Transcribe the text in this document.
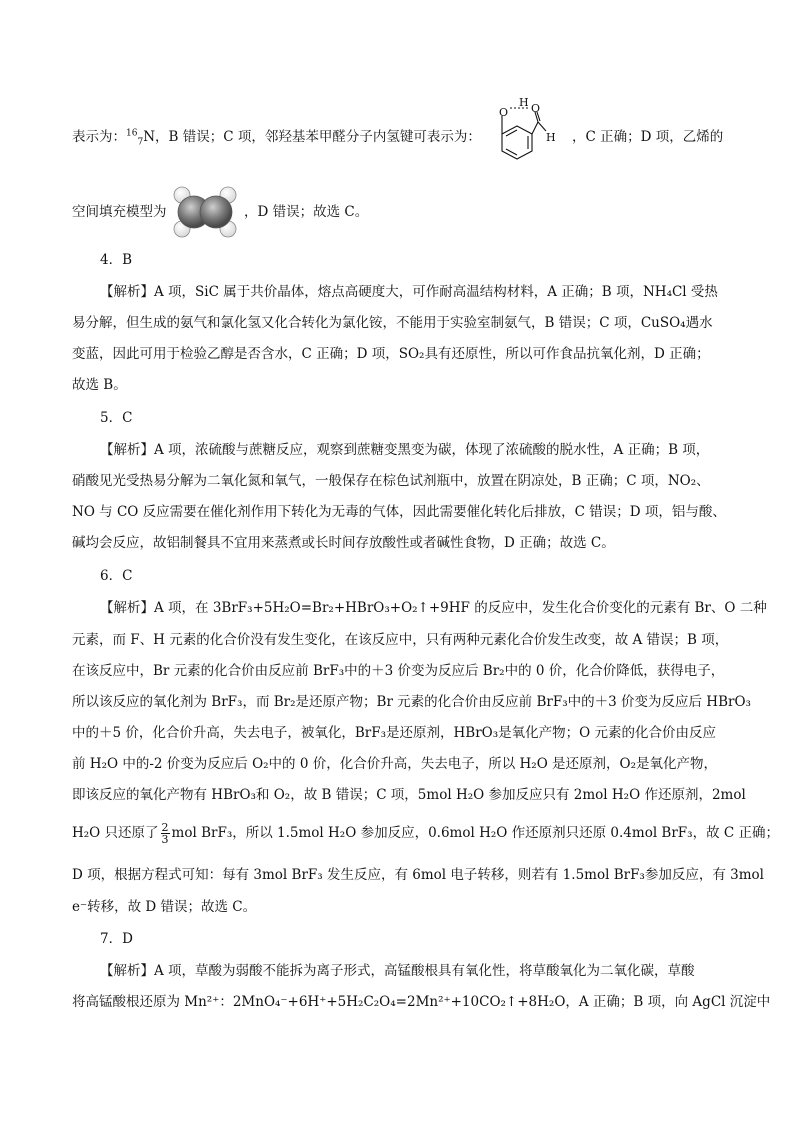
表示为：$^{16}_7$N，B 错误；C 项，邻羟基苯甲醛分子内氢键可表示为：	，C 正确；D 项，乙烯的
O
H O
H
空间填充模型为	，D 错误；故选 C。
4．B
【解析】A 项，SiC 属于共价晶体，熔点高硬度大，可作耐高温结构材料，A 正确；B 项，NH₄Cl 受热
易分解，但生成的氨气和氯化氢又化合转化为氯化铵，不能用于实验室制氨气，B 错误；C 项，CuSO₄遇水
变蓝，因此可用于检验乙醇是否含水，C 正确；D 项，SO₂具有还原性，所以可作食品抗氧化剂，D 正确；
故选 B。
5．C
【解析】A 项，浓硫酸与蔗糖反应，观察到蔗糖变黑变为碳，体现了浓硫酸的脱水性，A 正确；B 项，
硝酸见光受热易分解为二氧化氮和氧气，一般保存在棕色试剂瓶中，放置在阴凉处，B 正确；C 项，NO₂、
NO 与 CO 反应需要在催化剂作用下转化为无毒的气体，因此需要催化转化后排放，C 错误；D 项，铝与酸、
碱均会反应，故铝制餐具不宜用来蒸煮或长时间存放酸性或者碱性食物，D 正确；故选 C。
6．C
【解析】A 项，在 3BrF₃+5H₂O=Br₂+HBrO₃+O₂↑+9HF 的反应中，发生化合价变化的元素有 Br、O 二种
元素，而 F、H 元素的化合价没有发生变化，在该反应中，只有两种元素化合价发生改变，故 A 错误；B 项，
在该反应中，Br 元素的化合价由反应前 BrF₃中的＋3 价变为反应后 Br₂中的 0 价，化合价降低，获得电子，
所以该反应的氧化剂为 BrF₃，而 Br₂是还原产物；Br 元素的化合价由反应前 BrF₃中的＋3 价变为反应后 HBrO₃
中的＋5 价，化合价升高，失去电子，被氧化，BrF₃是还原剂，HBrO₃是氧化产物；O 元素的化合价由反应
前 H₂O 中的-2 价变为反应后 O₂中的 0 价，化合价升高，失去电子，所以 H₂O 是还原剂，O₂是氧化产物，
即该反应的氧化产物有 HBrO₃和 O₂，故 B 错误；C 项，5mol H₂O 参加反应只有 2mol H₂O 作还原剂，2mol
H₂O 只还原了 $\frac{2}{3}$ mol BrF₃，所以 1.5mol H₂O 参加反应，0.6mol H₂O 作还原剂只还原 0.4mol BrF₃，故 C 正确；
D 项，根据方程式可知：每有 3mol BrF₃ 发生反应，有 6mol 电子转移，则若有 1.5mol BrF₃参加反应，有 3mol
e⁻转移，故 D 错误；故选 C。
7．D
【解析】A 项，草酸为弱酸不能拆为离子形式，高锰酸根具有氧化性，将草酸氧化为二氧化碳，草酸
将高锰酸根还原为 Mn²⁺：2MnO₄⁻+6H⁺+5H₂C₂O₄=2Mn²⁺+10CO₂↑+8H₂O，A 正确；B 项，向 AgCl 沉淀中
